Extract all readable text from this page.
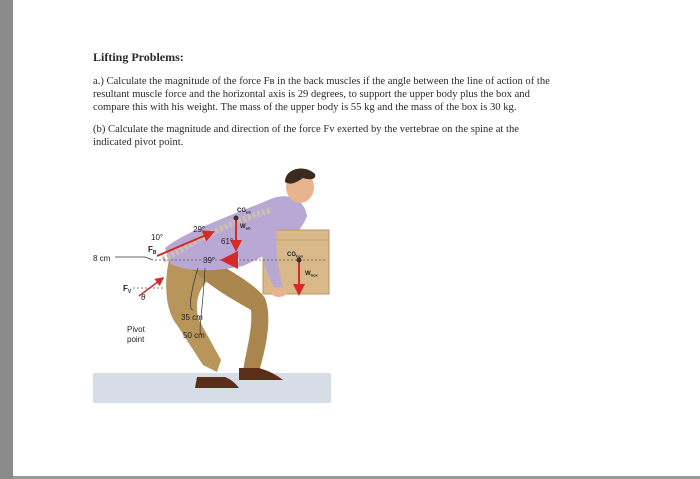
Lifting Problems:

a.) Calculate the magnitude of the force Fʙ in the back muscles if the angle between the line of action of the
resultant muscle force and the horizontal axis is 29 degrees, to support the upper body plus the box and
compare this with his weight. The mass of the upper body is 55 kg and the mass of the box is 30 kg.

(b) Calculate the magnitude and direction of the force Fᴠ exerted by the vertebrae on the spine at the
indicated pivot point.

29°
10°	61°
39°
8 cm
$F_B$
$F_V$
θ
$CG_{ub}$
$W_{ub}$
$CG_{box}$
$W_{box}$
35 cm
50 cm
Pivot
point
